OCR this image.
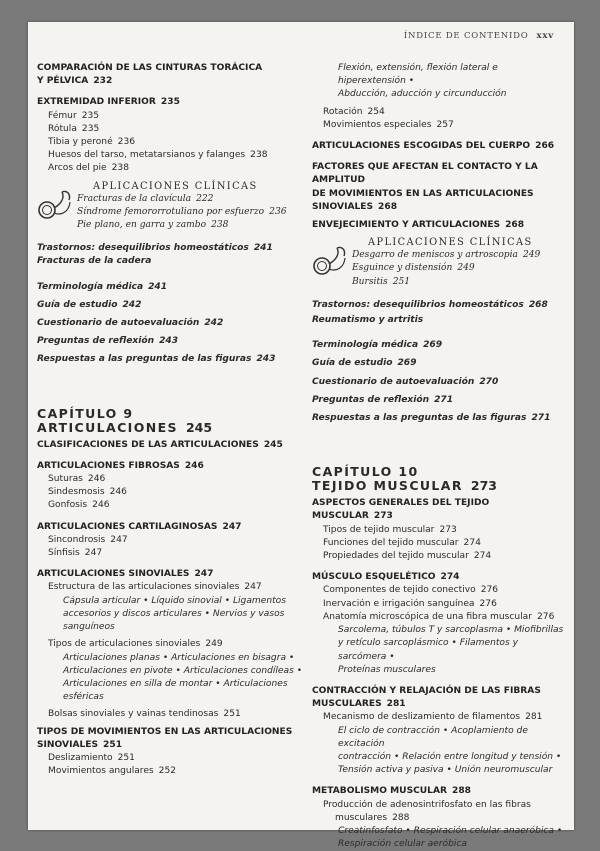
ÍNDICE DE CONTENIDO xxv
COMPARACIÓN DE LAS CINTURAS TORÁCICA
Y PÉLVICA 232
EXTREMIDAD INFERIOR 235
Fémur 235
Rótula 235
Tibia y peroné 236
Huesos del tarso, metatarsianos y falanges 238
Arcos del pie 238
APLICACIONES CLÍNICAS
Fracturas de la clavícula 222
Síndrome femororrotuliano por esfuerzo 236
Pie plano, en garra y zambo 238
Trastornos: desequilibrios homeostáticos 241
Fracturas de la cadera
Terminología médica 241
Guía de estudio 242
Cuestionario de autoevaluación 242
Preguntas de reflexión 243
Respuestas a las preguntas de las figuras 243
CAPÍTULO 9
ARTICULACIONES 245
CLASIFICACIONES DE LAS ARTICULACIONES 245
ARTICULACIONES FIBROSAS 246
Suturas 246
Sindesmosis 246
Gonfosis 246
ARTICULACIONES CARTILAGINOSAS 247
Sincondrosis 247
Sínfisis 247
ARTICULACIONES SINOVIALES 247
Estructura de las articulaciones sinoviales 247
Cápsula articular • Líquido sinovial • Ligamentos
accesorios y discos articulares • Nervios y vasos
sanguíneos
Tipos de articulaciones sinoviales 249
Articulaciones planas • Articulaciones en bisagra •
Articulaciones en pivote • Articulaciones condíleas •
Articulaciones en silla de montar • Articulaciones
esféricas
Bolsas sinoviales y vainas tendinosas 251
TIPOS DE MOVIMIENTOS EN LAS ARTICULACIONES
SINOVIALES 251
Deslizamiento 251
Movimientos angulares 252
Flexión, extensión, flexión lateral e hiperextensión •
Abducción, aducción y circunducción
Rotación 254
Movimientos especiales 257
ARTICULACIONES ESCOGIDAS DEL CUERPO 266
FACTORES QUE AFECTAN EL CONTACTO Y LA AMPLITUD
DE MOVIMIENTOS EN LAS ARTICULACIONES
SINOVIALES 268
ENVEJECIMIENTO Y ARTICULACIONES 268
APLICACIONES CLÍNICAS
Desgarro de meniscos y artroscopia 249
Esguince y distensión 249
Bursitis 251
Trastornos: desequilibrios homeostáticos 268
Reumatismo y artritis
Terminología médica 269
Guía de estudio 269
Cuestionario de autoevaluación 270
Preguntas de reflexión 271
Respuestas a las preguntas de las figuras 271
CAPÍTULO 10
TEJIDO MUSCULAR 273
ASPECTOS GENERALES DEL TEJIDO MUSCULAR 273
Tipos de tejido muscular 273
Funciones del tejido muscular 274
Propiedades del tejido muscular 274
MÚSCULO ESQUELÉTICO 274
Componentes de tejido conectivo 276
Inervación e irrigación sanguínea 276
Anatomía microscópica de una fibra muscular 276
Sarcolema, túbulos T y sarcoplasma • Miofibrillas
y retículo sarcoplásmico • Filamentos y sarcómera •
Proteínas musculares
CONTRACCIÓN Y RELAJACIÓN DE LAS FIBRAS
MUSCULARES 281
Mecanismo de deslizamiento de filamentos 281
El ciclo de contracción • Acoplamiento de excitación
contracción • Relación entre longitud y tensión •
Tensión activa y pasiva • Unión neuromuscular
METABOLISMO MUSCULAR 288
Producción de adenosintrifosfato en las fibras
musculares 288
Creatinfosfato • Respiración celular anaeróbica •
Respiración celular aeróbica
